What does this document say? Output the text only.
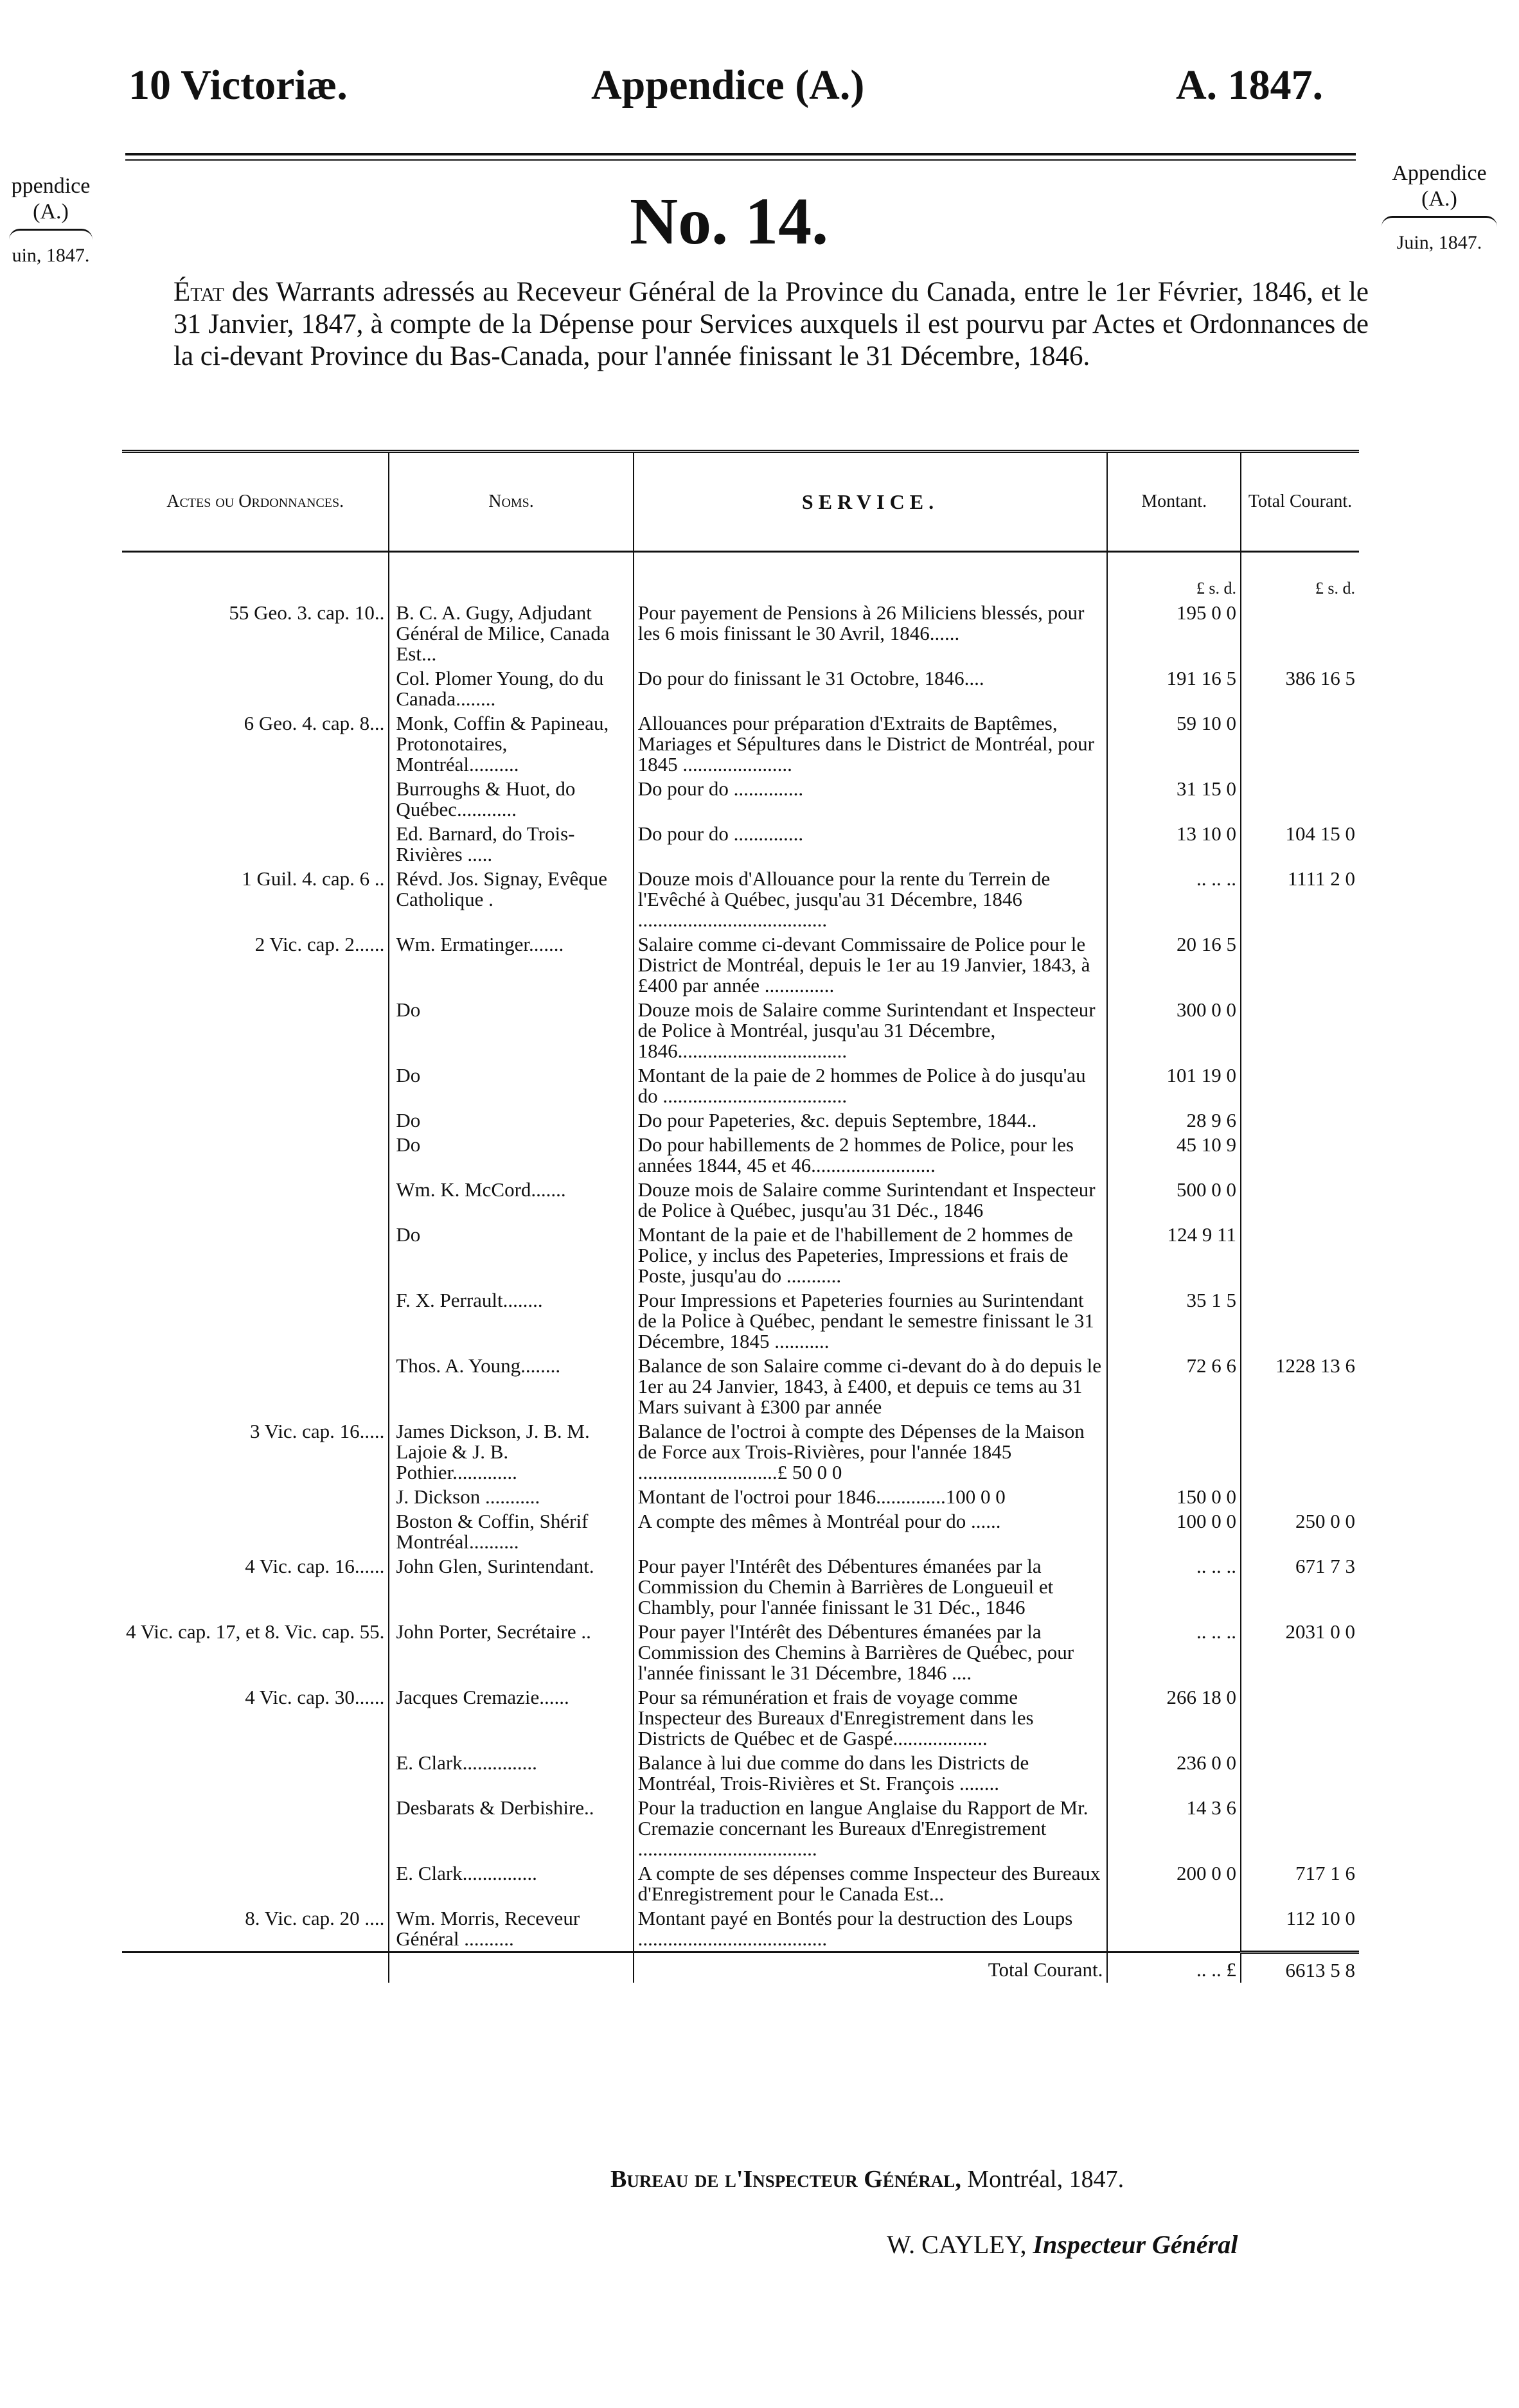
10 Victoriæ.	Appendice (A.)	A. 1847.
ppendice
(A.)
uin, 1847.
Appendice
(A.)
Juin, 1847.
No. 14.
État des Warrants adressés au Receveur Général de la Province du Canada, entre le 1er Février, 1846, et le 31 Janvier, 1847, à compte de la Dépense pour Services auxquels il est pourvu par Actes et Ordonnances de la ci-devant Province du Bas-Canada, pour l'année finissant le 31 Décembre, 1846.
Actes ou Ordonnances.	Noms.	SERVICE.	Montant.	Total Courant.
			£ s. d.	£ s. d.
55 Geo. 3. cap. 10..	B. C. A. Gugy, Adjudant Général de Milice, Canada Est...	Pour payement de Pensions à 26 Miliciens blessés, pour les 6 mois finissant le 30 Avril, 1846......	195 0 0	
	Col. Plomer Young, do du Canada........	Do pour do finissant le 31 Octobre, 1846....	191 16 5	386 16 5
6 Geo. 4. cap. 8...	Monk, Coffin & Papineau, Protonotaires, Montréal..........	Allouances pour préparation d'Extraits de Baptêmes, Mariages et Sépultures dans le District de Montréal, pour 1845 ......................	59 10 0	
	Burroughs & Huot, do Québec............	Do pour do ..............	31 15 0	
	Ed. Barnard, do Trois-Rivières .....	Do pour do ..............	13 10 0	104 15 0
1 Guil. 4. cap. 6 ..	Révd. Jos. Signay, Evêque Catholique .	Douze mois d'Allouance pour la rente du Terrein de l'Evêché à Québec, jusqu'au 31 Décembre, 1846 ......................................	.. .. ..	1111 2 0
2 Vic. cap. 2......	Wm. Ermatinger.......	Salaire comme ci-devant Commissaire de Police pour le District de Montréal, depuis le 1er au 19 Janvier, 1843, à £400 par année ..............	20 16 5	
	Do	Douze mois de Salaire comme Surintendant et Inspecteur de Police à Montréal, jusqu'au 31 Décembre, 1846..................................	300 0 0	
	Do	Montant de la paie de 2 hommes de Police à do jusqu'au do .....................................	101 19 0	
	Do	Do pour Papeteries, &c. depuis Septembre, 1844..	28 9 6	
	Do	Do pour habillements de 2 hommes de Police, pour les années 1844, 45 et 46.........................	45 10 9	
	Wm. K. McCord.......	Douze mois de Salaire comme Surintendant et Inspecteur de Police à Québec, jusqu'au 31 Déc., 1846	500 0 0	
	Do	Montant de la paie et de l'habillement de 2 hommes de Police, y inclus des Papeteries, Impressions et frais de Poste, jusqu'au do ...........	124 9 11	
	F. X. Perrault........	Pour Impressions et Papeteries fournies au Surintendant de la Police à Québec, pendant le semestre finissant le 31 Décembre, 1845 ...........	35 1 5	
	Thos. A. Young........	Balance de son Salaire comme ci-devant do à do depuis le 1er au 24 Janvier, 1843, à £400, et depuis ce tems au 31 Mars suivant à £300 par année	72 6 6	1228 13 6
3 Vic. cap. 16.....	James Dickson, J. B. M. Lajoie & J. B. Pothier.............	Balance de l'octroi à compte des Dépenses de la Maison de Force aux Trois-Rivières, pour l'année 1845 ............................£ 50 0 0		
	J. Dickson ...........	Montant de l'octroi pour 1846..............100 0 0	150 0 0	
	Boston & Coffin, Shérif Montréal..........	A compte des mêmes à Montréal pour do ......	100 0 0	250 0 0
4 Vic. cap. 16......	John Glen, Surintendant.	Pour payer l'Intérêt des Débentures émanées par la Commission du Chemin à Barrières de Longueuil et Chambly, pour l'année finissant le 31 Déc., 1846	.. .. ..	671 7 3
4 Vic. cap. 17, et 8. Vic. cap. 55.	John Porter, Secrétaire ..	Pour payer l'Intérêt des Débentures émanées par la Commission des Chemins à Barrières de Québec, pour l'année finissant le 31 Décembre, 1846 ....	.. .. ..	2031 0 0
4 Vic. cap. 30......	Jacques Cremazie......	Pour sa rémunération et frais de voyage comme Inspecteur des Bureaux d'Enregistrement dans les Districts de Québec et de Gaspé...................	266 18 0	
	E. Clark...............	Balance à lui due comme do dans les Districts de Montréal, Trois-Rivières et St. François ........	236 0 0	
	Desbarats & Derbishire..	Pour la traduction en langue Anglaise du Rapport de Mr. Cremazie concernant les Bureaux d'Enregistrement ....................................	14 3 6	
	E. Clark...............	A compte de ses dépenses comme Inspecteur des Bureaux d'Enregistrement pour le Canada Est...	200 0 0	717 1 6
8. Vic. cap. 20 ....	Wm. Morris, Receveur Général ..........	Montant payé en Bontés pour la destruction des Loups ......................................		112 10 0
		Total Courant.	.. .. £	6613 5 8
Bureau de l'Inspecteur Général, Montréal, 1847.
W. CAYLEY, Inspecteur Général
